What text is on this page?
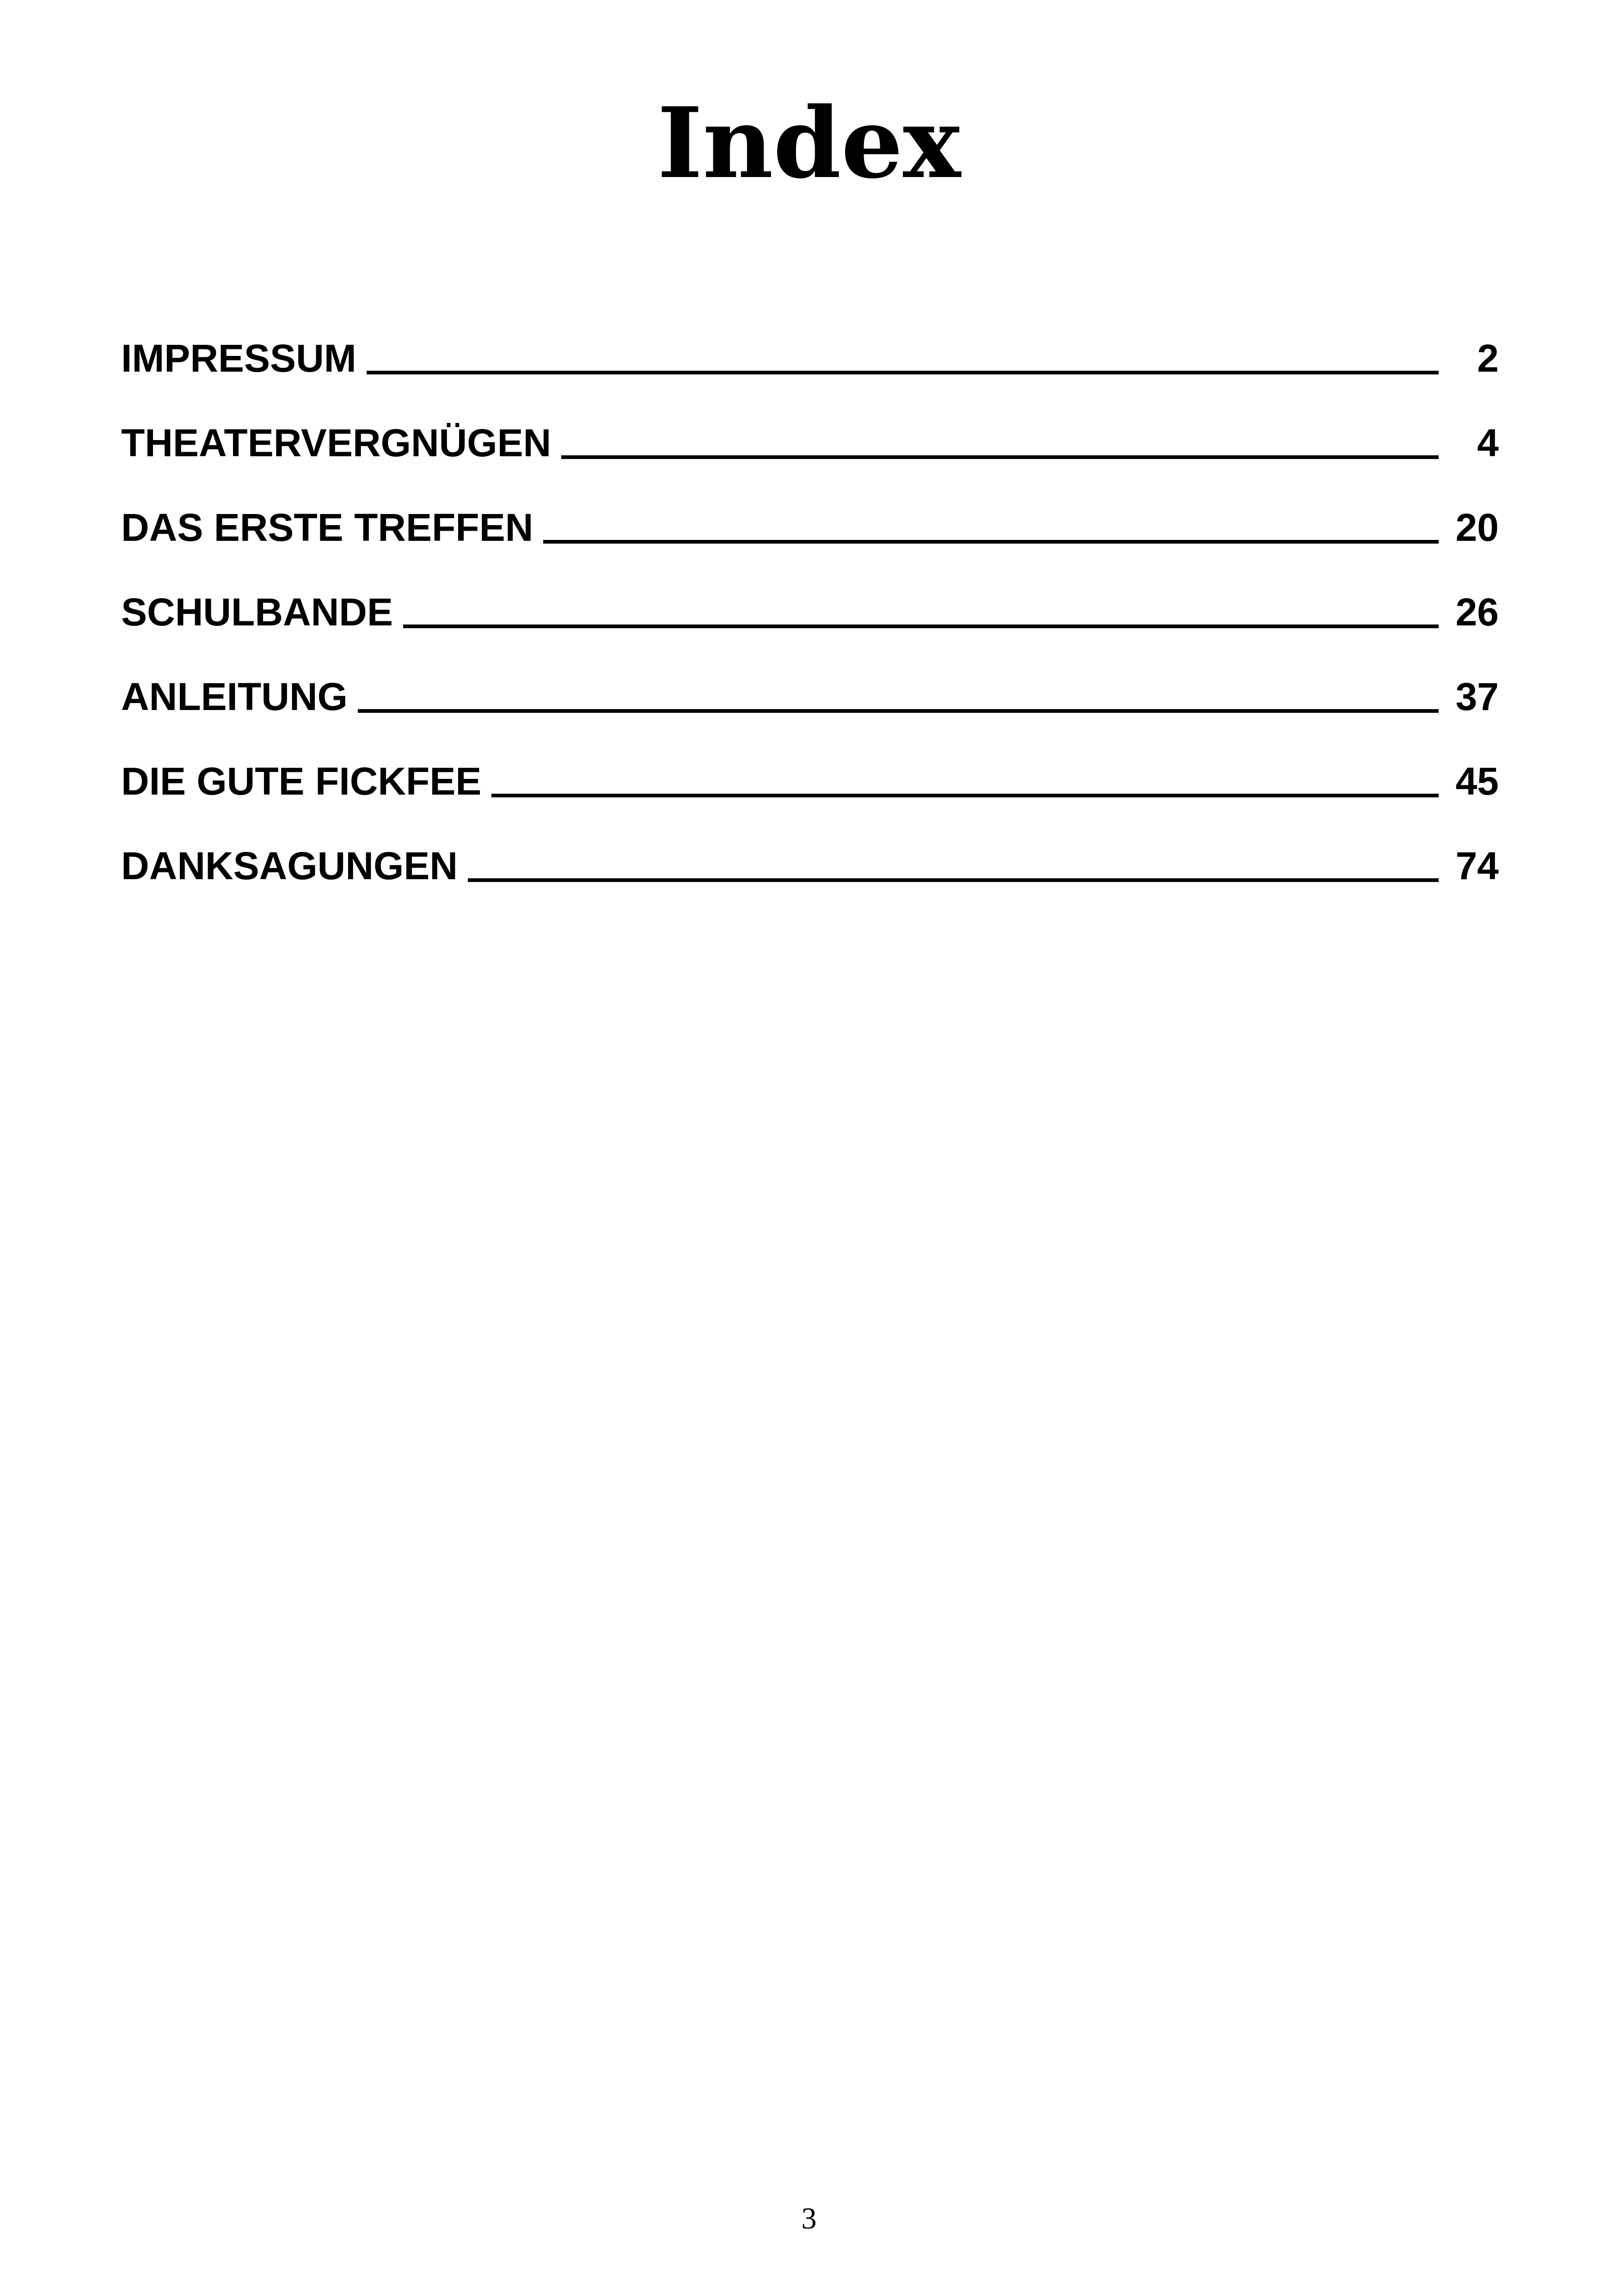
Index
IMPRESSUM	2
THEATERVERGNÜGEN	4
DAS ERSTE TREFFEN	20
SCHULBANDE	26
ANLEITUNG	37
DIE GUTE FICKFEE	45
DANKSAGUNGEN	74
3
